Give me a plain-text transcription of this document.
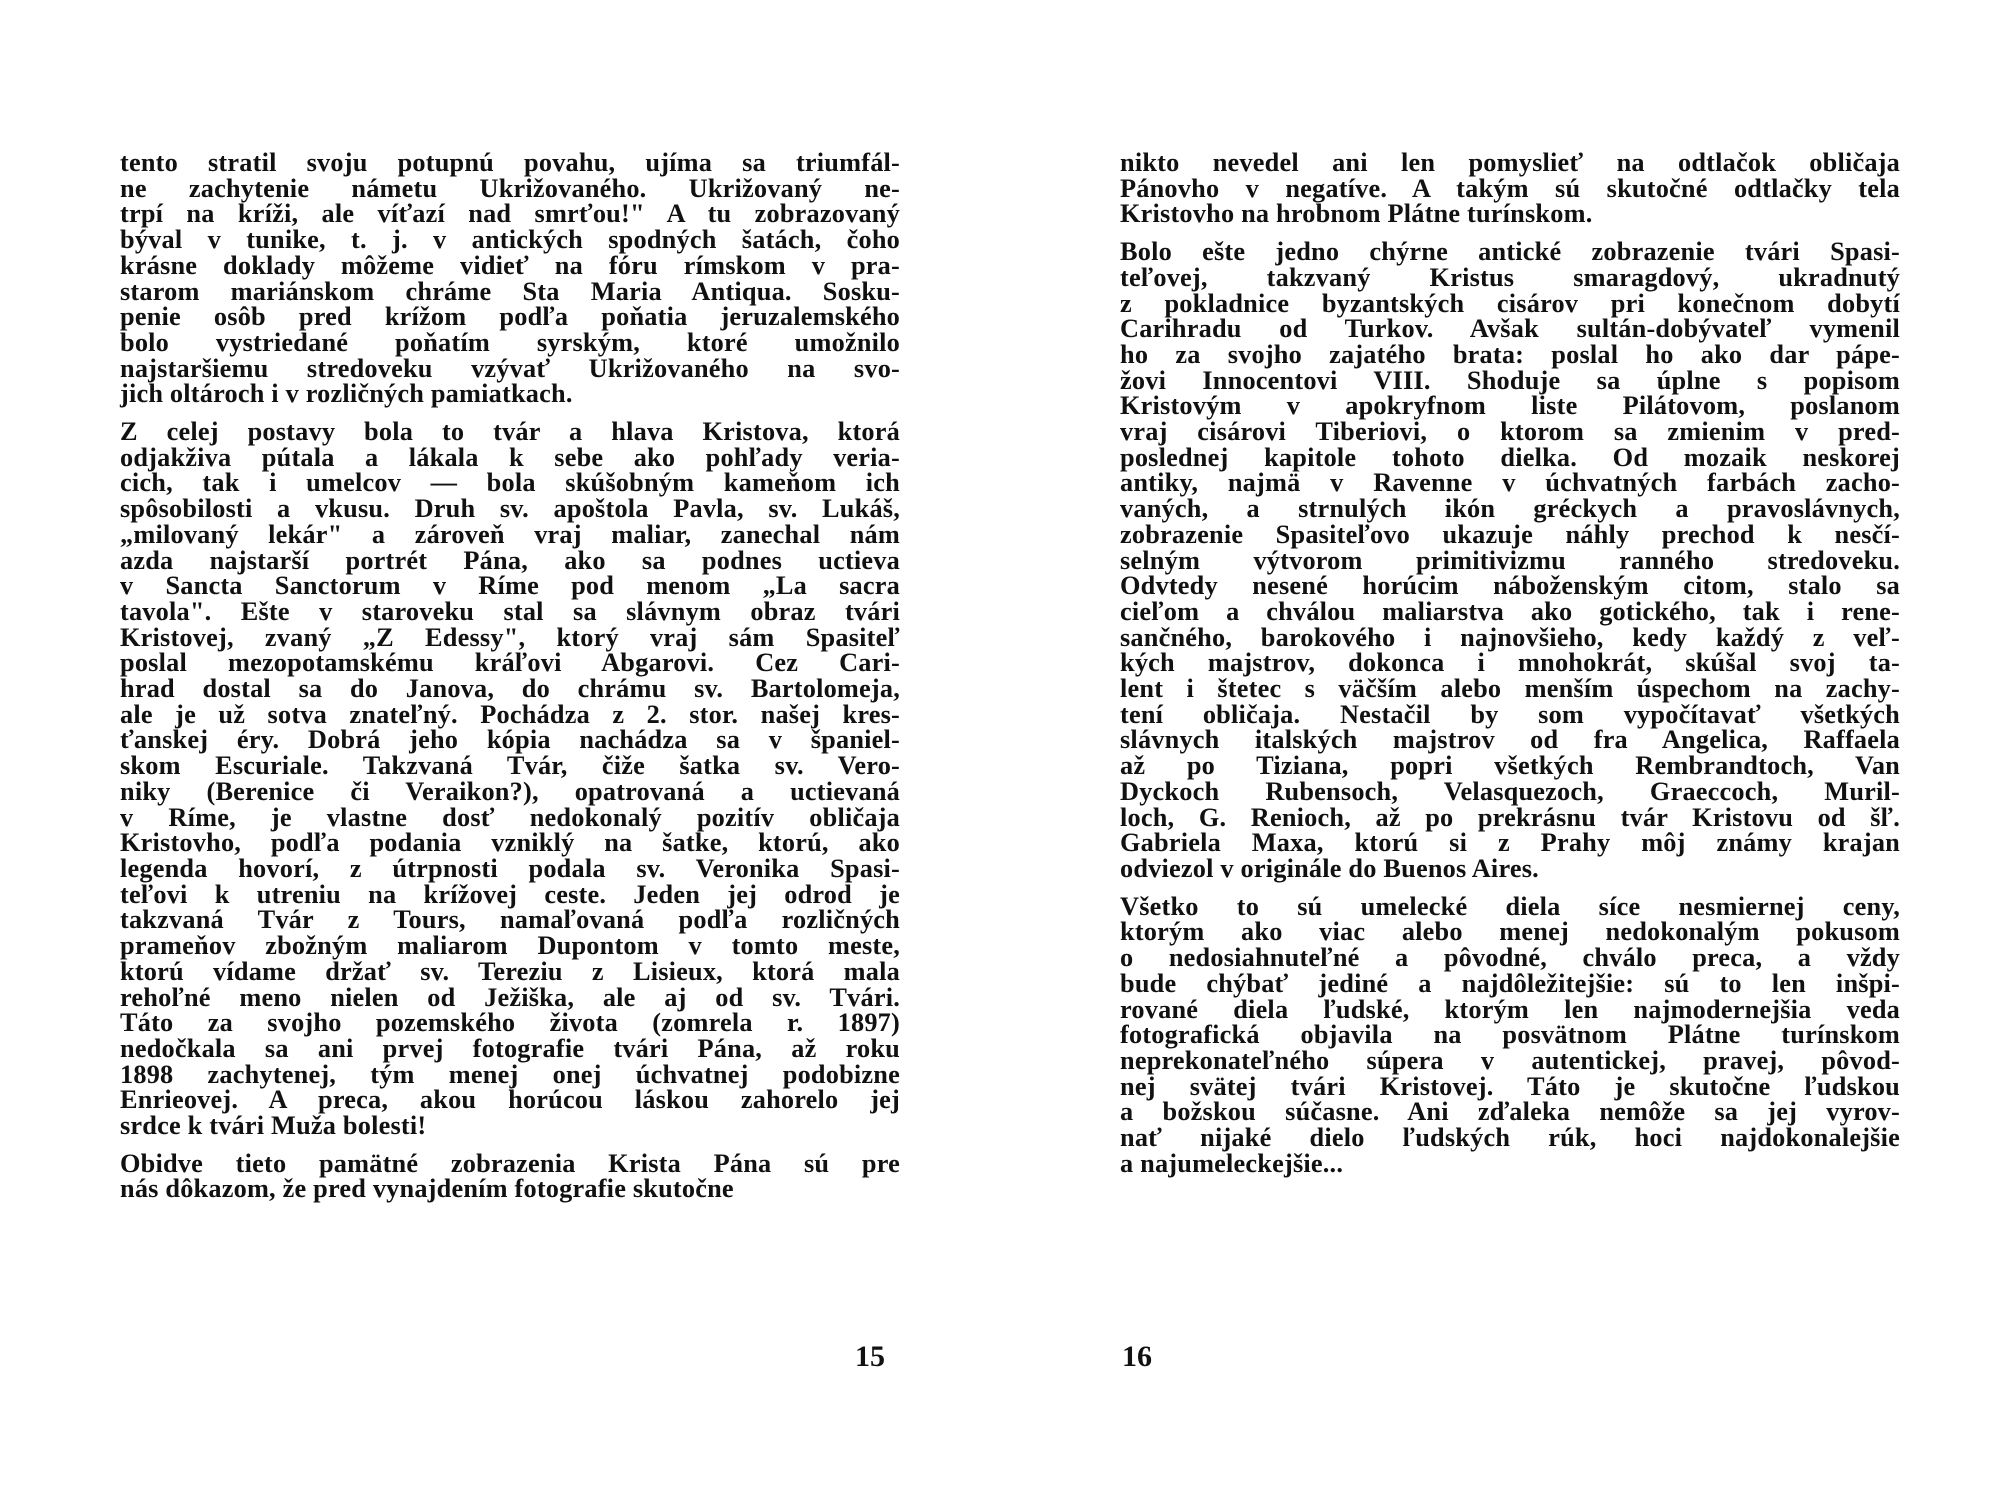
tento stratil svoju potupnú povahu, ujíma sa triumfál-
ne zachytenie námetu Ukrižovaného. Ukrižovaný ne-
trpí na kríži, ale víťazí nad smrťou!" A tu zobrazovaný
býval v tunike, t. j. v antických spodných šatách, čoho
krásne doklady môžeme vidieť na fóru rímskom v pra-
starom mariánskom chráme Sta Maria Antiqua. Sosku-
penie osôb pred krížom podľa poňatia jeruzalemského
bolo vystriedané poňatím syrským, ktoré umožnilo
najstaršiemu stredoveku vzývať Ukrižovaného na svo-
jich oltároch i v rozličných pamiatkach.
Z celej postavy bola to tvár a hlava Kristova, ktorá
odjakživa pútala a lákala k sebe ako pohľady veria-
cich, tak i umelcov — bola skúšobným kameňom ich
spôsobilosti a vkusu. Druh sv. apoštola Pavla, sv. Lukáš,
„milovaný lekár" a zároveň vraj maliar, zanechal nám
azda najstarší portrét Pána, ako sa podnes uctieva
v Sancta Sanctorum v Ríme pod menom „La sacra
tavola". Ešte v staroveku stal sa slávnym obraz tvári
Kristovej, zvaný „Z Edessy", ktorý vraj sám Spasiteľ
poslal mezopotamskému kráľovi Abgarovi. Cez Cari-
hrad dostal sa do Janova, do chrámu sv. Bartolomeja,
ale je už sotva znateľný. Pochádza z 2. stor. našej kres-
ťanskej éry. Dobrá jeho kópia nachádza sa v španiel-
skom Escuriale. Takzvaná Tvár, čiže šatka sv. Vero-
niky (Berenice či Veraikon?), opatrovaná a uctievaná
v Ríme, je vlastne dosť nedokonalý pozitív obličaja
Kristovho, podľa podania vzniklý na šatke, ktorú, ako
legenda hovorí, z útrpnosti podala sv. Veronika Spasi-
teľovi k utreniu na krížovej ceste. Jeden jej odrod je
takzvaná Tvár z Tours, namaľovaná podľa rozličných
prameňov zbožným maliarom Dupontom v tomto meste,
ktorú vídame držať sv. Tereziu z Lisieux, ktorá mala
rehoľné meno nielen od Ježiška, ale aj od sv. Tvári.
Táto za svojho pozemského života (zomrela r. 1897)
nedočkala sa ani prvej fotografie tvári Pána, až roku
1898 zachytenej, tým menej onej úchvatnej podobizne
Enrieovej. A preca, akou horúcou láskou zahorelo jej
srdce k tvári Muža bolesti!
Obidve tieto pamätné zobrazenia Krista Pána sú pre
nás dôkazom, že pred vynajdením fotografie skutočne
nikto nevedel ani len pomyslieť na odtlačok obličaja
Pánovho v negatíve. A takým sú skutočné odtlačky tela
Kristovho na hrobnom Plátne turínskom.
Bolo ešte jedno chýrne antické zobrazenie tvári Spasi-
teľovej, takzvaný Kristus smaragdový, ukradnutý
z pokladnice byzantských cisárov pri konečnom dobytí
Carihradu od Turkov. Avšak sultán-dobývateľ vymenil
ho za svojho zajatého brata: poslal ho ako dar pápe-
žovi Innocentovi VIII. Shoduje sa úplne s popisom
Kristovým v apokryfnom liste Pilátovom, poslanom
vraj cisárovi Tiberiovi, o ktorom sa zmienim v pred-
poslednej kapitole tohoto dielka. Od mozaik neskorej
antiky, najmä v Ravenne v úchvatných farbách zacho-
vaných, a strnulých ikón gréckych a pravoslávnych,
zobrazenie Spasiteľovo ukazuje náhly prechod k nesčí-
selným výtvorom primitivizmu ranného stredoveku.
Odvtedy nesené horúcim náboženským citom, stalo sa
cieľom a chválou maliarstva ako gotického, tak i rene-
sančného, barokového i najnovšieho, kedy každý z veľ-
kých majstrov, dokonca i mnohokrát, skúšal svoj ta-
lent i štetec s väčším alebo menším úspechom na zachy-
tení obličaja. Nestačil by som vypočítavať všetkých
slávnych italských majstrov od fra Angelica, Raffaela
až po Tiziana, popri všetkých Rembrandtoch, Van
Dyckoch Rubensoch, Velasquezoch, Graeccoch, Muril-
loch, G. Renioch, až po prekrásnu tvár Kristovu od šľ.
Gabriela Maxa, ktorú si z Prahy môj známy krajan
odviezol v originále do Buenos Aires.
Všetko to sú umelecké diela síce nesmiernej ceny,
ktorým ako viac alebo menej nedokonalým pokusom
o nedosiahnuteľné a pôvodné, chválo preca, a vždy
bude chýbať jediné a najdôležitejšie: sú to len inšpi-
rované diela ľudské, ktorým len najmodernejšia veda
fotografická objavila na posvätnom Plátne turínskom
neprekonateľného súpera v autentickej, pravej, pôvod-
nej svätej tvári Kristovej. Táto je skutočne ľudskou
a božskou súčasne. Ani zďaleka nemôže sa jej vyrov-
nať nijaké dielo ľudských rúk, hoci najdokonalejšie
a najumeleckejšie...
15	16
